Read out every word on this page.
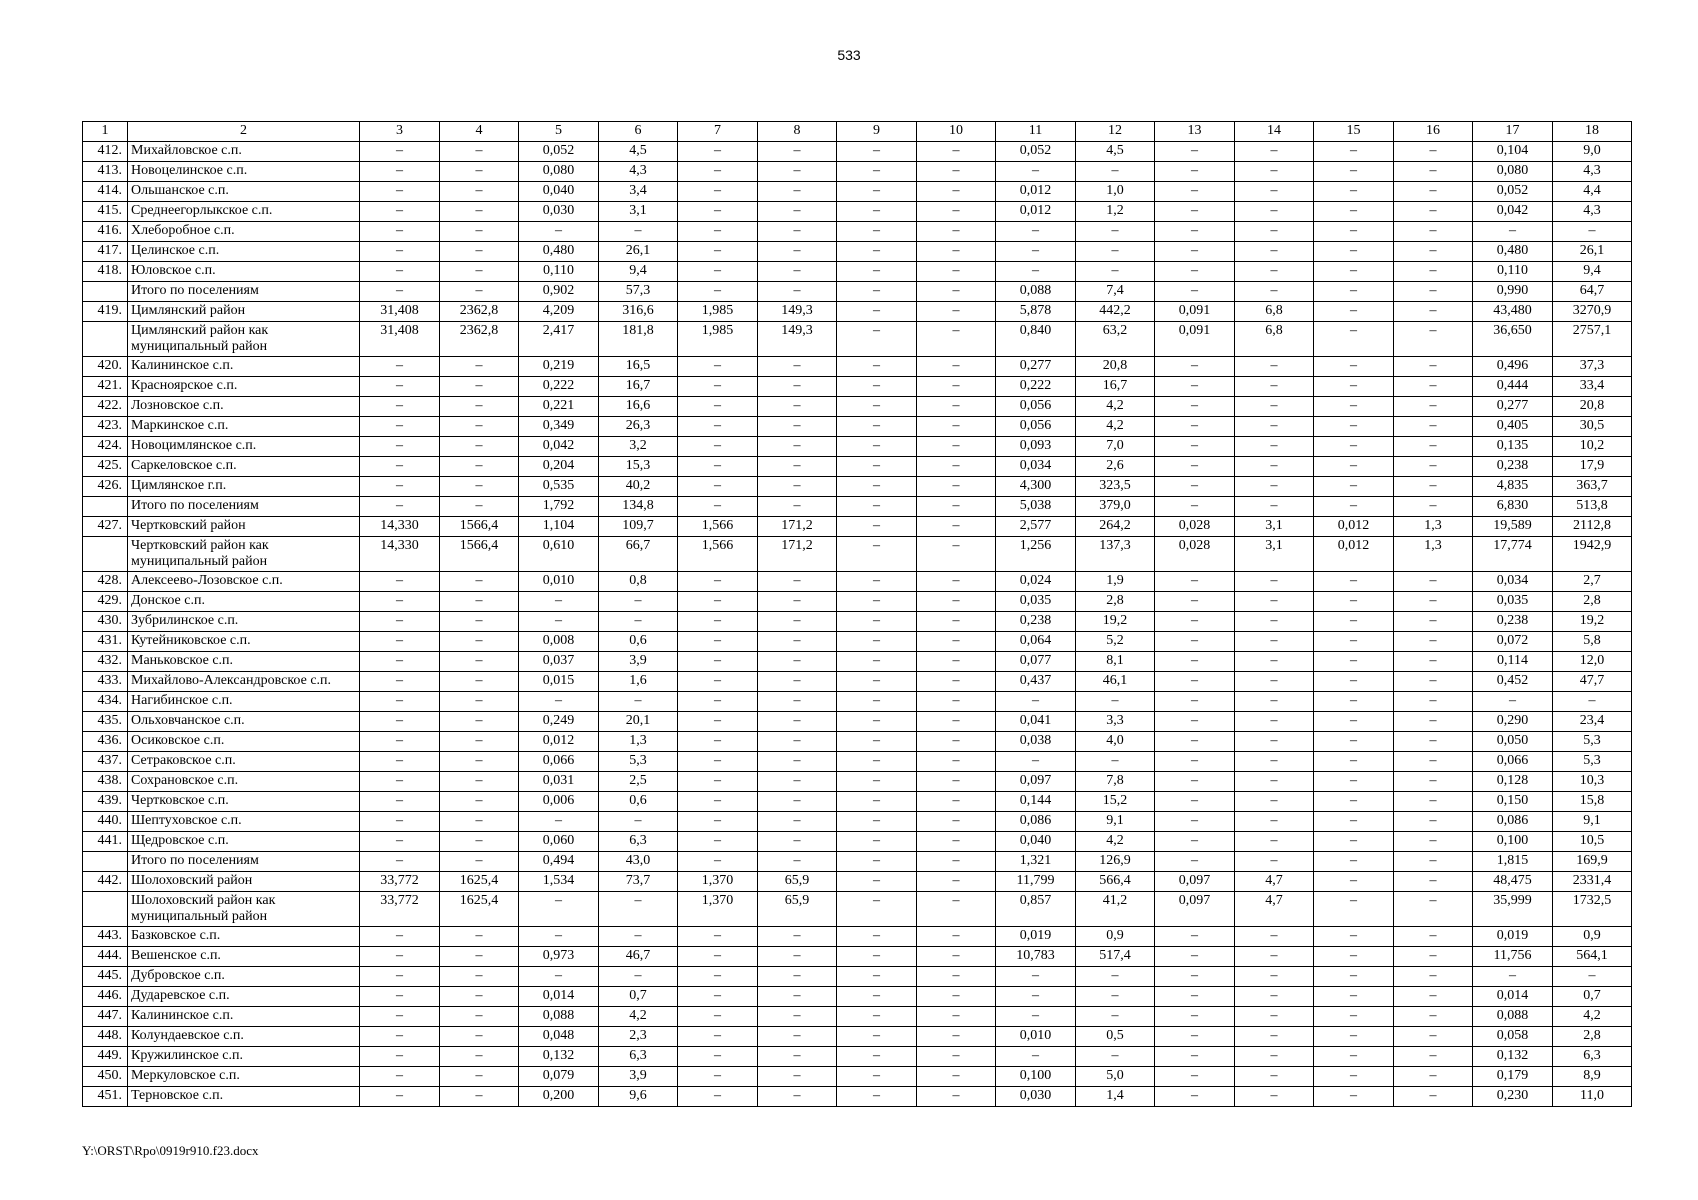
533
1	2	3	4	5	6	7	8	9	10	11	12	13	14	15	16	17	18
412.	Михайловское с.п.	–	–	0,052	4,5	–	–	–	–	0,052	4,5	–	–	–	–	0,104	9,0
413.	Новоцелинское с.п.	–	–	0,080	4,3	–	–	–	–	–	–	–	–	–	–	0,080	4,3
414.	Ольшанское с.п.	–	–	0,040	3,4	–	–	–	–	0,012	1,0	–	–	–	–	0,052	4,4
415.	Среднеегорлыкское с.п.	–	–	0,030	3,1	–	–	–	–	0,012	1,2	–	–	–	–	0,042	4,3
416.	Хлеборобное с.п.	–	–	–	–	–	–	–	–	–	–	–	–	–	–	–	–
417.	Целинское с.п.	–	–	0,480	26,1	–	–	–	–	–	–	–	–	–	–	0,480	26,1
418.	Юловское с.п.	–	–	0,110	9,4	–	–	–	–	–	–	–	–	–	–	0,110	9,4
	Итого по поселениям	–	–	0,902	57,3	–	–	–	–	0,088	7,4	–	–	–	–	0,990	64,7
419.	Цимлянский район	31,408	2362,8	4,209	316,6	1,985	149,3	–	–	5,878	442,2	0,091	6,8	–	–	43,480	3270,9
	Цимлянский район как муниципальный район	31,408	2362,8	2,417	181,8	1,985	149,3	–	–	0,840	63,2	0,091	6,8	–	–	36,650	2757,1
420.	Калининское с.п.	–	–	0,219	16,5	–	–	–	–	0,277	20,8	–	–	–	–	0,496	37,3
421.	Красноярское с.п.	–	–	0,222	16,7	–	–	–	–	0,222	16,7	–	–	–	–	0,444	33,4
422.	Лозновское с.п.	–	–	0,221	16,6	–	–	–	–	0,056	4,2	–	–	–	–	0,277	20,8
423.	Маркинское с.п.	–	–	0,349	26,3	–	–	–	–	0,056	4,2	–	–	–	–	0,405	30,5
424.	Новоцимлянское с.п.	–	–	0,042	3,2	–	–	–	–	0,093	7,0	–	–	–	–	0,135	10,2
425.	Саркеловское с.п.	–	–	0,204	15,3	–	–	–	–	0,034	2,6	–	–	–	–	0,238	17,9
426.	Цимлянское г.п.	–	–	0,535	40,2	–	–	–	–	4,300	323,5	–	–	–	–	4,835	363,7
	Итого по поселениям	–	–	1,792	134,8	–	–	–	–	5,038	379,0	–	–	–	–	6,830	513,8
427.	Чертковский район	14,330	1566,4	1,104	109,7	1,566	171,2	–	–	2,577	264,2	0,028	3,1	0,012	1,3	19,589	2112,8
	Чертковский район как муниципальный район	14,330	1566,4	0,610	66,7	1,566	171,2	–	–	1,256	137,3	0,028	3,1	0,012	1,3	17,774	1942,9
428.	Алексеево-Лозовское с.п.	–	–	0,010	0,8	–	–	–	–	0,024	1,9	–	–	–	–	0,034	2,7
429.	Донское с.п.	–	–	–	–	–	–	–	–	0,035	2,8	–	–	–	–	0,035	2,8
430.	Зубрилинское с.п.	–	–	–	–	–	–	–	–	0,238	19,2	–	–	–	–	0,238	19,2
431.	Кутейниковское с.п.	–	–	0,008	0,6	–	–	–	–	0,064	5,2	–	–	–	–	0,072	5,8
432.	Маньковское с.п.	–	–	0,037	3,9	–	–	–	–	0,077	8,1	–	–	–	–	0,114	12,0
433.	Михайлово-Александровское с.п.	–	–	0,015	1,6	–	–	–	–	0,437	46,1	–	–	–	–	0,452	47,7
434.	Нагибинское с.п.	–	–	–	–	–	–	–	–	–	–	–	–	–	–	–	–
435.	Ольховчанское с.п.	–	–	0,249	20,1	–	–	–	–	0,041	3,3	–	–	–	–	0,290	23,4
436.	Осиковское с.п.	–	–	0,012	1,3	–	–	–	–	0,038	4,0	–	–	–	–	0,050	5,3
437.	Сетраковское с.п.	–	–	0,066	5,3	–	–	–	–	–	–	–	–	–	–	0,066	5,3
438.	Сохрановское с.п.	–	–	0,031	2,5	–	–	–	–	0,097	7,8	–	–	–	–	0,128	10,3
439.	Чертковское с.п.	–	–	0,006	0,6	–	–	–	–	0,144	15,2	–	–	–	–	0,150	15,8
440.	Шептуховское с.п.	–	–	–	–	–	–	–	–	0,086	9,1	–	–	–	–	0,086	9,1
441.	Щедровское с.п.	–	–	0,060	6,3	–	–	–	–	0,040	4,2	–	–	–	–	0,100	10,5
	Итого по поселениям	–	–	0,494	43,0	–	–	–	–	1,321	126,9	–	–	–	–	1,815	169,9
442.	Шолоховский район	33,772	1625,4	1,534	73,7	1,370	65,9	–	–	11,799	566,4	0,097	4,7	–	–	48,475	2331,4
	Шолоховский район как муниципальный район	33,772	1625,4	–	–	1,370	65,9	–	–	0,857	41,2	0,097	4,7	–	–	35,999	1732,5
443.	Базковское с.п.	–	–	–	–	–	–	–	–	0,019	0,9	–	–	–	–	0,019	0,9
444.	Вешенское с.п.	–	–	0,973	46,7	–	–	–	–	10,783	517,4	–	–	–	–	11,756	564,1
445.	Дубровское с.п.	–	–	–	–	–	–	–	–	–	–	–	–	–	–	–	–
446.	Дударевское с.п.	–	–	0,014	0,7	–	–	–	–	–	–	–	–	–	–	0,014	0,7
447.	Калининское с.п.	–	–	0,088	4,2	–	–	–	–	–	–	–	–	–	–	0,088	4,2
448.	Колундаевское с.п.	–	–	0,048	2,3	–	–	–	–	0,010	0,5	–	–	–	–	0,058	2,8
449.	Кружилинское с.п.	–	–	0,132	6,3	–	–	–	–	–	–	–	–	–	–	0,132	6,3
450.	Меркуловское с.п.	–	–	0,079	3,9	–	–	–	–	0,100	5,0	–	–	–	–	0,179	8,9
451.	Терновское с.п.	–	–	0,200	9,6	–	–	–	–	0,030	1,4	–	–	–	–	0,230	11,0
Y:\ORST\Rpo\0919r910.f23.docx
